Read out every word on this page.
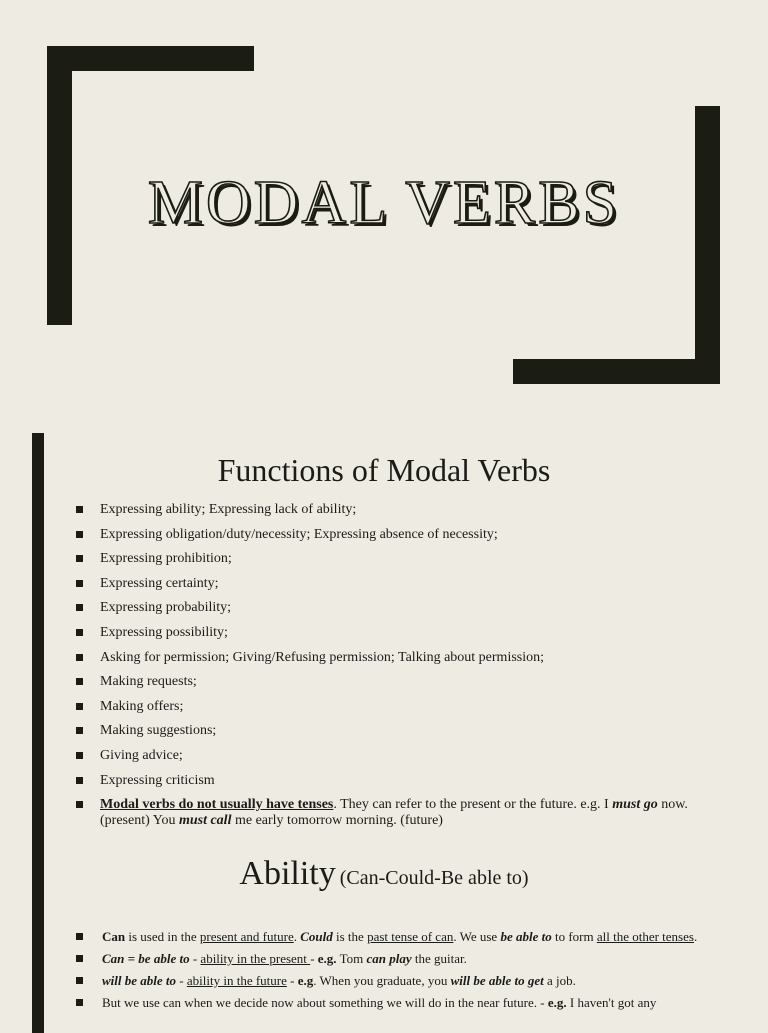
MODAL VERBS
Functions of Modal Verbs
Expressing ability; Expressing lack of ability;
Expressing obligation/duty/necessity; Expressing absence of necessity;
Expressing prohibition;
Expressing certainty;
Expressing probability;
Expressing possibility;
Asking for permission; Giving/Refusing permission; Talking about permission;
Making requests;
Making offers;
Making suggestions;
Giving advice;
Expressing criticism
Modal verbs do not usually have tenses. They can refer to the present or the future. e.g. I must go now. (present) You must call me early tomorrow morning. (future)
Ability (Can-Could-Be able to)
Can is used in the present and future. Could is the past tense of can. We use be able to to form all the other tenses.
Can = be able to - ability in the present - e.g. Tom can play the guitar.
will be able to - ability in the future - e.g. When you graduate, you will be able to get a job.
But we use can when we decide now about something we will do in the near future. - e.g. I haven't got any
